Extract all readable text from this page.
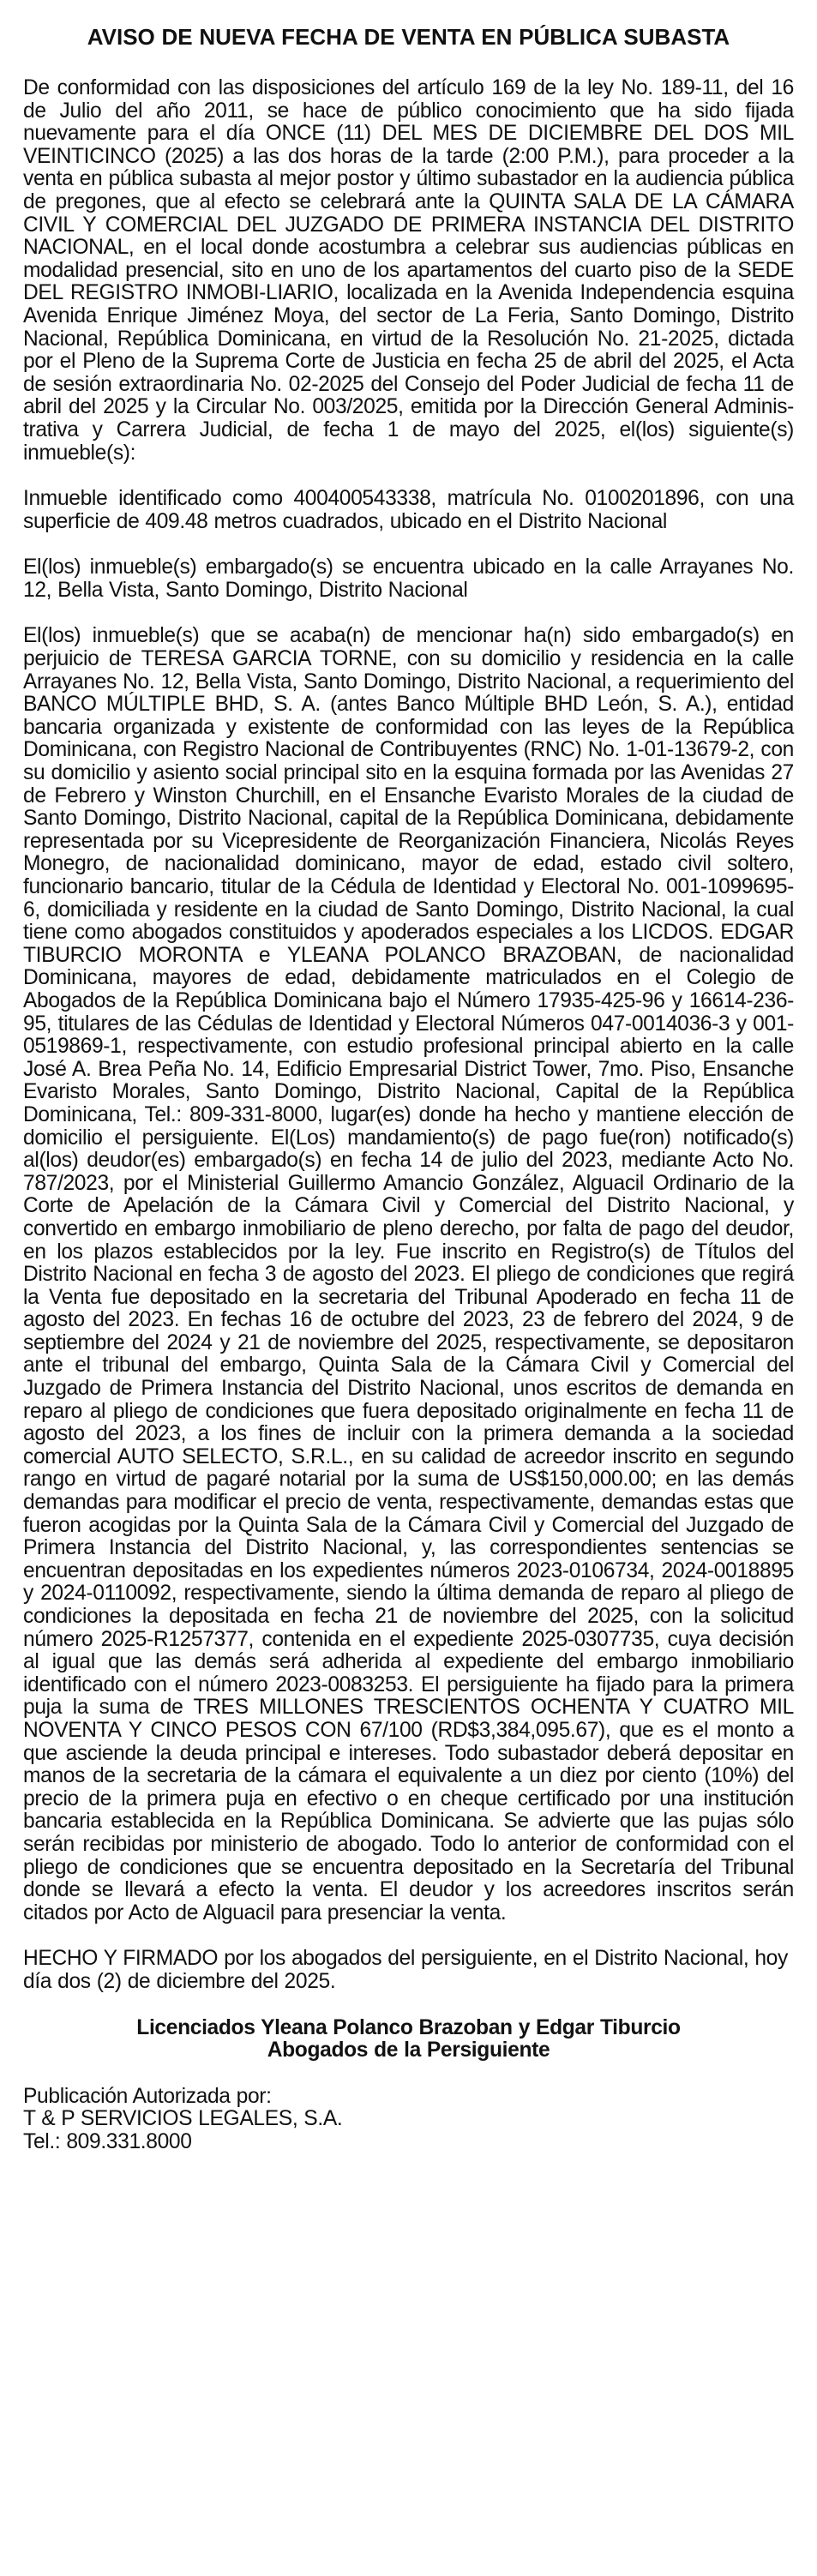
AVISO DE NUEVA FECHA DE VENTA EN PÚBLICA SUBASTA

De conformidad con las disposiciones del artículo 169 de la ley No. 189-11, del 16 de Julio del año 2011, se hace de público conocimiento que ha sido fijada nuevamente para el día ONCE (11) DEL MES DE DICIEMBRE DEL DOS MIL VEINTICINCO (2025) a las dos horas de la tarde (2:00 P.M.), para proceder a la venta en pública subasta al mejor postor y último subastador en la audiencia pública de pregones, que al efecto se celebrará ante la QUINTA SALA DE LA CÁMARA CIVIL Y COMERCIAL DEL JUZGADO DE PRIMERA INSTANCIA DEL DISTRITO NACIONAL, en el local donde acostumbra a celebrar sus audiencias públicas en modalidad presencial, sito en uno de los apartamentos del cuarto piso de la SEDE DEL REGISTRO INMOBI-LIARIO, localizada en la Avenida Independencia esquina Avenida Enrique Jiménez Moya, del sector de La Feria, Santo Domingo, Distrito Nacional, República Dominicana, en virtud de la Resolución No. 21-2025, dictada por el Pleno de la Suprema Corte de Justicia en fecha 25 de abril del 2025, el Acta de sesión extraordinaria No. 02-2025 del Consejo del Poder Judicial de fecha 11 de abril del 2025 y la Circular No. 003/2025, emitida por la Dirección General Adminis-trativa y Carrera Judicial, de fecha 1 de mayo del 2025, el(los) siguiente(s) inmueble(s):

Inmueble identificado como 400400543338, matrícula No. 0100201896, con una superficie de 409.48 metros cuadrados, ubicado en el Distrito Nacional

El(los) inmueble(s) embargado(s) se encuentra ubicado en la calle Arrayanes No. 12, Bella Vista, Santo Domingo, Distrito Nacional

El(los) inmueble(s) que se acaba(n) de mencionar ha(n) sido embargado(s) en perjuicio de TERESA GARCIA TORNE, con su domicilio y residencia en la calle Arrayanes No. 12, Bella Vista, Santo Domingo, Distrito Nacional, a requerimiento del BANCO MÚLTIPLE BHD, S. A. (antes Banco Múltiple BHD León, S. A.), entidad bancaria organizada y existente de conformidad con las leyes de la República Dominicana, con Registro Nacional de Contribuyentes (RNC) No. 1-01-13679-2, con su domicilio y asiento social principal sito en la esquina formada por las Avenidas 27 de Febrero y Winston Churchill, en el Ensanche Evaristo Morales de la ciudad de Santo Domingo, Distrito Nacional, capital de la República Dominicana, debidamente representada por su Vicepresidente de Reorganización Financiera, Nicolás Reyes Monegro, de nacionalidad dominicano, mayor de edad, estado civil soltero, funcionario bancario, titular de la Cédula de Identidad y Electoral No. 001-1099695-6, domiciliada y residente en la ciudad de Santo Domingo, Distrito Nacional, la cual tiene como abogados constituidos y apoderados especiales a los LICDOS. EDGAR TIBURCIO MORONTA e YLEANA POLANCO BRAZOBAN, de nacionalidad Dominicana, mayores de edad, debidamente matriculados en el Colegio de Abogados de la República Dominicana bajo el Número 17935-425-96 y 16614-236-95, titulares de las Cédulas de Identidad y Electoral Números 047-0014036-3 y 001-0519869-1, respectivamente, con estudio profesional principal abierto en la calle José A. Brea Peña No. 14, Edificio Empresarial District Tower, 7mo. Piso, Ensanche Evaristo Morales, Santo Domingo, Distrito Nacional, Capital de la República Dominicana, Tel.: 809-331-8000, lugar(es) donde ha hecho y mantiene elección de domicilio el persiguiente. El(Los) mandamiento(s) de pago fue(ron) notificado(s) al(los) deudor(es) embargado(s) en fecha 14 de julio del 2023, mediante Acto No. 787/2023, por el Ministerial Guillermo Amancio González, Alguacil Ordinario de la Corte de Apelación de la Cámara Civil y Comercial del Distrito Nacional, y convertido en embargo inmobiliario de pleno derecho, por falta de pago del deudor, en los plazos establecidos por la ley. Fue inscrito en Registro(s) de Títulos del Distrito Nacional en fecha 3 de agosto del 2023. El pliego de condiciones que regirá la Venta fue depositado en la secretaria del Tribunal Apoderado en fecha 11 de agosto del 2023. En fechas 16 de octubre del 2023, 23 de febrero del 2024, 9 de septiembre del 2024 y 21 de noviembre del 2025, respectivamente, se depositaron ante el tribunal del embargo, Quinta Sala de la Cámara Civil y Comercial del Juzgado de Primera Instancia del Distrito Nacional, unos escritos de demanda en reparo al pliego de condiciones que fuera depositado originalmente en fecha 11 de agosto del 2023, a los fines de incluir con la primera demanda a la sociedad comercial AUTO SELECTO, S.R.L., en su calidad de acreedor inscrito en segundo rango en virtud de pagaré notarial por la suma de US$150,000.00; en las demás demandas para modificar el precio de venta, respectivamente, demandas estas que fueron acogidas por la Quinta Sala de la Cámara Civil y Comercial del Juzgado de Primera Instancia del Distrito Nacional, y, las correspondientes sentencias se encuentran depositadas en los expedientes números 2023-0106734, 2024-0018895 y 2024-0110092, respectivamente, siendo la última demanda de reparo al pliego de condiciones la depositada en fecha 21 de noviembre del 2025, con la solicitud número 2025-R1257377, contenida en el expediente 2025-0307735, cuya decisión al igual que las demás será adherida al expediente del embargo inmobiliario identificado con el número 2023-0083253. El persiguiente ha fijado para la primera puja la suma de TRES MILLONES TRESCIENTOS OCHENTA Y CUATRO MIL NOVENTA Y CINCO PESOS CON 67/100 (RD$3,384,095.67), que es el monto a que asciende la deuda principal e intereses. Todo subastador deberá depositar en manos de la secretaria de la cámara el equivalente a un diez por ciento (10%) del precio de la primera puja en efectivo o en cheque certificado por una institución bancaria establecida en la República Dominicana. Se advierte que las pujas sólo serán recibidas por ministerio de abogado. Todo lo anterior de conformidad con el pliego de condiciones que se encuentra depositado en la Secretaría del Tribunal donde se llevará a efecto la venta. El deudor y los acreedores inscritos serán citados por Acto de Alguacil para presenciar la venta.

HECHO Y FIRMADO por los abogados del persiguiente, en el Distrito Nacional, hoy día dos (2) de diciembre del 2025.

Licenciados Yleana Polanco Brazoban y Edgar Tiburcio
Abogados de la Persiguiente
Publicación Autorizada por:
T & P SERVICIOS LEGALES, S.A.
Tel.: 809.331.8000
